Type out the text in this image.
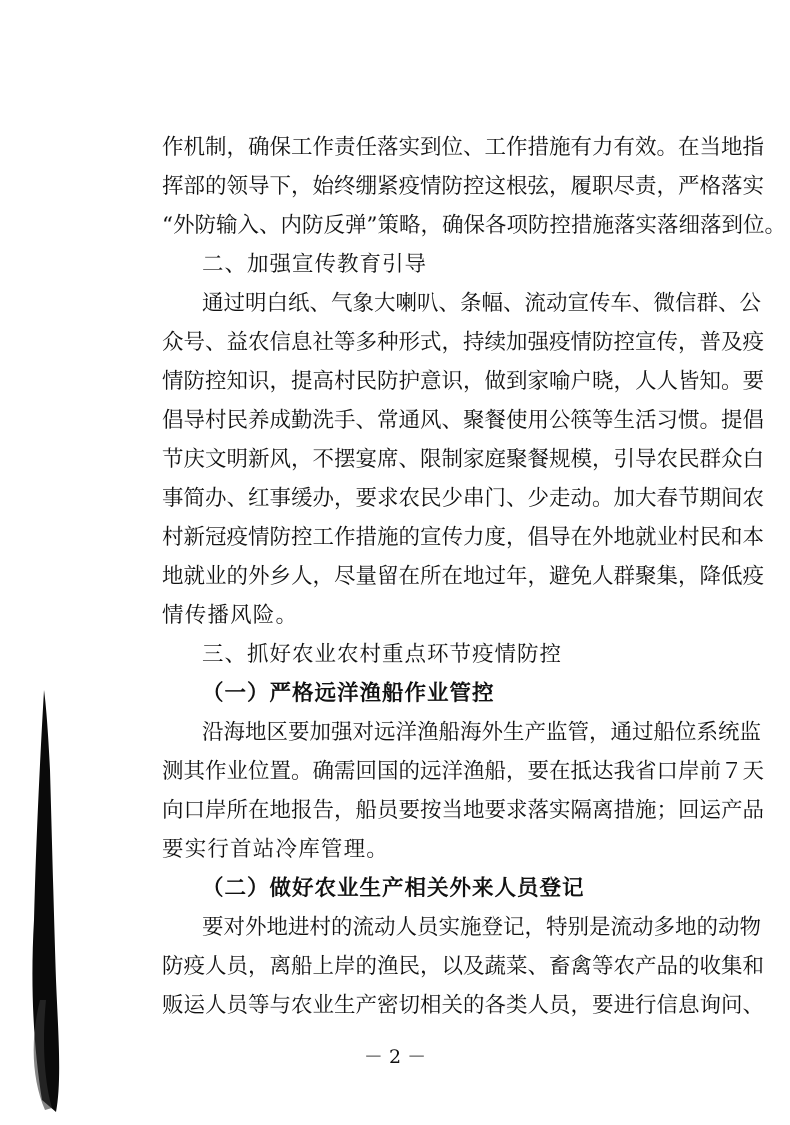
作机制，确保工作责任落实到位、工作措施有力有效。在当地指
挥部的领导下，始终绷紧疫情防控这根弦，履职尽责，严格落实
“外防输入、内防反弹”策略，确保各项防控措施落实落细落到位。
二、加强宣传教育引导
通过明白纸、气象大喇叭、条幅、流动宣传车、微信群、公
众号、益农信息社等多种形式，持续加强疫情防控宣传，普及疫
情防控知识，提高村民防护意识，做到家喻户晓，人人皆知。要
倡导村民养成勤洗手、常通风、聚餐使用公筷等生活习惯。提倡
节庆文明新风，不摆宴席、限制家庭聚餐规模，引导农民群众白
事简办、红事缓办，要求农民少串门、少走动。加大春节期间农
村新冠疫情防控工作措施的宣传力度，倡导在外地就业村民和本
地就业的外乡人，尽量留在所在地过年，避免人群聚集，降低疫
情传播风险。
三、抓好农业农村重点环节疫情防控
（一）严格远洋渔船作业管控
沿海地区要加强对远洋渔船海外生产监管，通过船位系统监
测其作业位置。确需回国的远洋渔船，要在抵达我省口岸前７天
向口岸所在地报告，船员要按当地要求落实隔离措施；回运产品
要实行首站冷库管理。
（二）做好农业生产相关外来人员登记
要对外地进村的流动人员实施登记，特别是流动多地的动物
防疫人员，离船上岸的渔民，以及蔬菜、畜禽等农产品的收集和
贩运人员等与农业生产密切相关的各类人员，要进行信息询问、
－ 2 －
